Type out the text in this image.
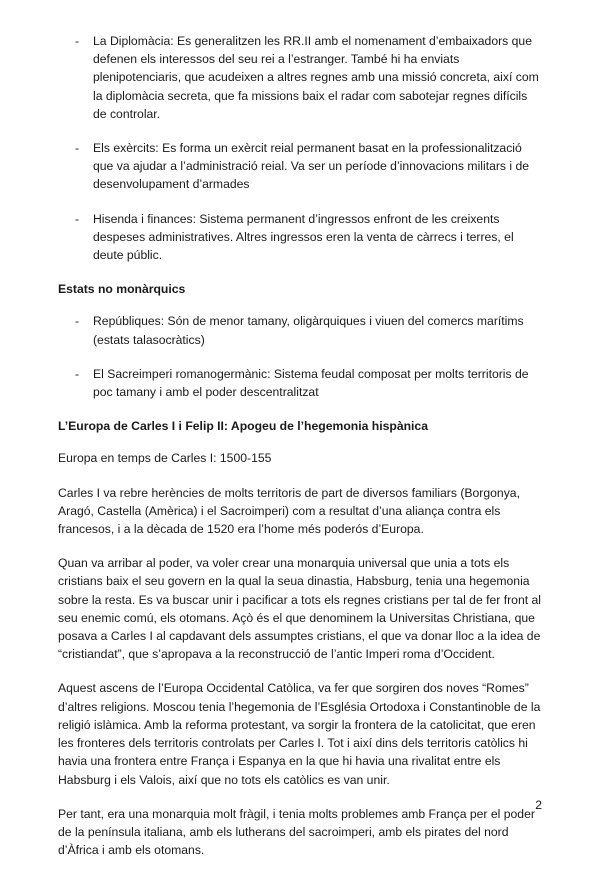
- La Diplomàcia: Es generalitzen les RR.II amb el nomenament d’embaixadors que defenen els interessos del seu rei a l’estranger. També hi ha enviats plenipotenciaris, que acudeixen a altres regnes amb una missió concreta, així com la diplomàcia secreta, que fa missions baix el radar com sabotejar regnes difícils de controlar.
- Els exèrcits: Es forma un exèrcit reial permanent basat en la professionalització que va ajudar a l’administració reial. Va ser un període d’innovacions militars i de desenvolupament d’armades
- Hisenda i finances: Sistema permanent d’ingressos enfront de les creixents despeses administratives. Altres ingressos eren la venta de càrrecs i terres, el deute públic.
Estats no monàrquics
- Repúbliques: Són de menor tamany, oligàrquiques i viuen del comercs marítims (estats talasocràtics)
- El Sacreimperi romanogermànic: Sistema feudal composat per molts territoris de poc tamany i amb el poder descentralitzat
L’Europa de Carles I i Felip II: Apogeu de l’hegemonia hispànica

Europa en temps de Carles I: 1500-155

Carles I va rebre herències de molts territoris de part de diversos familiars (Borgonya, Aragó, Castella (Amèrica) i el Sacroimperi) com a resultat d’una aliança contra els francesos, i a la dècada de 1520 era l’home més poderós d’Europa.

Quan va arribar al poder, va voler crear una monarquia universal que unia a tots els cristians baix el seu govern en la qual la seua dinastia, Habsburg, tenia una hegemonia sobre la resta. Es va buscar unir i pacificar a tots els regnes cristians per tal de fer front al seu enemic comú, els otomans. Açò és el que denominem la Universitas Christiana, que posava a Carles I al capdavant dels assumptes cristians, el que va donar lloc a la idea de “cristiandat”, que s’apropava a la reconstrucció de l’antic Imperi roma d’Occident.

Aquest ascens de l’Europa Occidental Catòlica, va fer que sorgiren dos noves “Romes” d’altres religions. Moscou tenia l’hegemonia de l’Església Ortodoxa i Constantinoble de la religió islàmica. Amb la reforma protestant, va sorgir la frontera de la catolicitat, que eren les fronteres dels territoris controlats per Carles I. Tot i així dins dels territoris catòlics hi havia una frontera entre França i Espanya en la que hi havia una rivalitat entre els Habsburg i els Valois, així que no tots els catòlics es van unir.

Per tant, era una monarquia molt fràgil, i tenia molts problemes amb França per el poder de la península italiana, amb els lutherans del sacroimperi, amb els pirates del nord d’Àfrica i amb els otomans.

2
